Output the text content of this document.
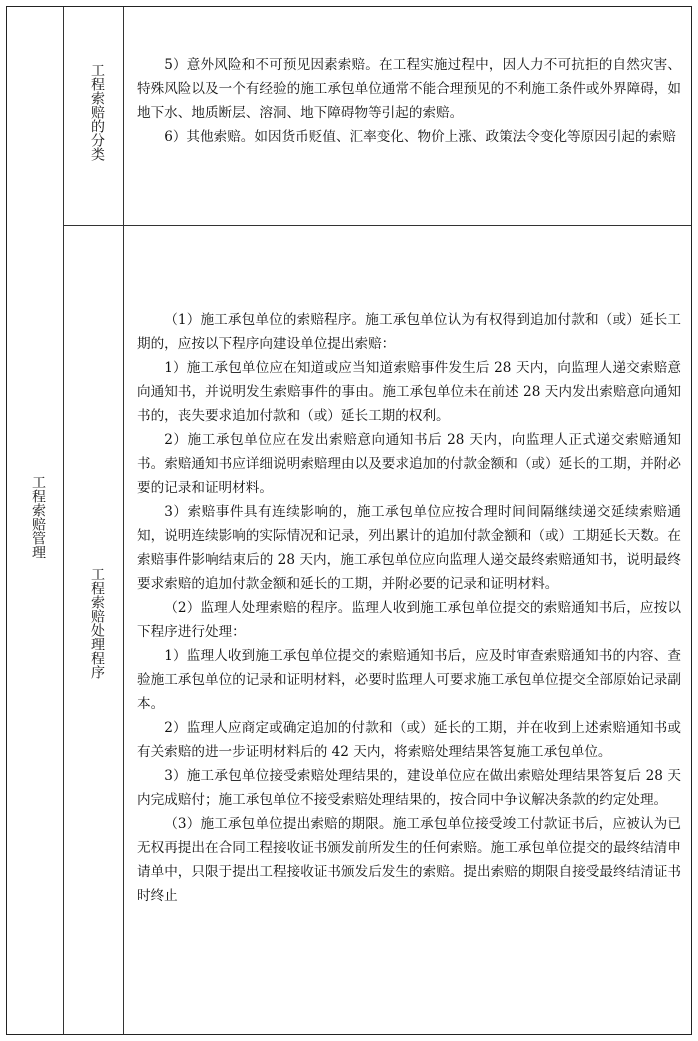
工程索赔管理
工程索赔的分类	5）意外风险和不可预见因素索赔。在工程实施过程中，因人力不可抗拒的自然灾害、特殊风险以及一个有经验的施工承包单位通常不能合理预见的不利施工条件或外界障碍，如地下水、地质断层、溶洞、地下障碍物等引起的索赔。

6）其他索赔。如因货币贬值、汇率变化、物价上涨、政策法令变化等原因引起的索赔

工程索赔处理程序

（1）施工承包单位的索赔程序。施工承包单位认为有权得到追加付款和（或）延长工期的，应按以下程序向建设单位提出索赔：

1）施工承包单位应在知道或应当知道索赔事件发生后 28 天内，向监理人递交索赔意向通知书，并说明发生索赔事件的事由。施工承包单位未在前述 28 天内发出索赔意向通知书的，丧失要求追加付款和（或）延长工期的权利。

2）施工承包单位应在发出索赔意向通知书后 28 天内，向监理人正式递交索赔通知书。索赔通知书应详细说明索赔理由以及要求追加的付款金额和（或）延长的工期，并附必要的记录和证明材料。

3）索赔事件具有连续影响的，施工承包单位应按合理时间间隔继续递交延续索赔通知，说明连续影响的实际情况和记录，列出累计的追加付款金额和（或）工期延长天数。在索赔事件影响结束后的 28 天内，施工承包单位应向监理人递交最终索赔通知书，说明最终要求索赔的追加付款金额和延长的工期，并附必要的记录和证明材料。

（2）监理人处理索赔的程序。监理人收到施工承包单位提交的索赔通知书后，应按以下程序进行处理：

1）监理人收到施工承包单位提交的索赔通知书后，应及时审查索赔通知书的内容、查验施工承包单位的记录和证明材料，必要时监理人可要求施工承包单位提交全部原始记录副本。

2）监理人应商定或确定追加的付款和（或）延长的工期，并在收到上述索赔通知书或有关索赔的进一步证明材料后的 42 天内，将索赔处理结果答复施工承包单位。

3）施工承包单位接受索赔处理结果的，建设单位应在做出索赔处理结果答复后 28 天内完成赔付；施工承包单位不接受索赔处理结果的，按合同中争议解决条款的约定处理。

（3）施工承包单位提出索赔的期限。施工承包单位接受竣工付款证书后，应被认为已无权再提出在合同工程接收证书颁发前所发生的任何索赔。施工承包单位提交的最终结清申请单中，只限于提出工程接收证书颁发后发生的索赔。提出索赔的期限自接受最终结清证书时终止
